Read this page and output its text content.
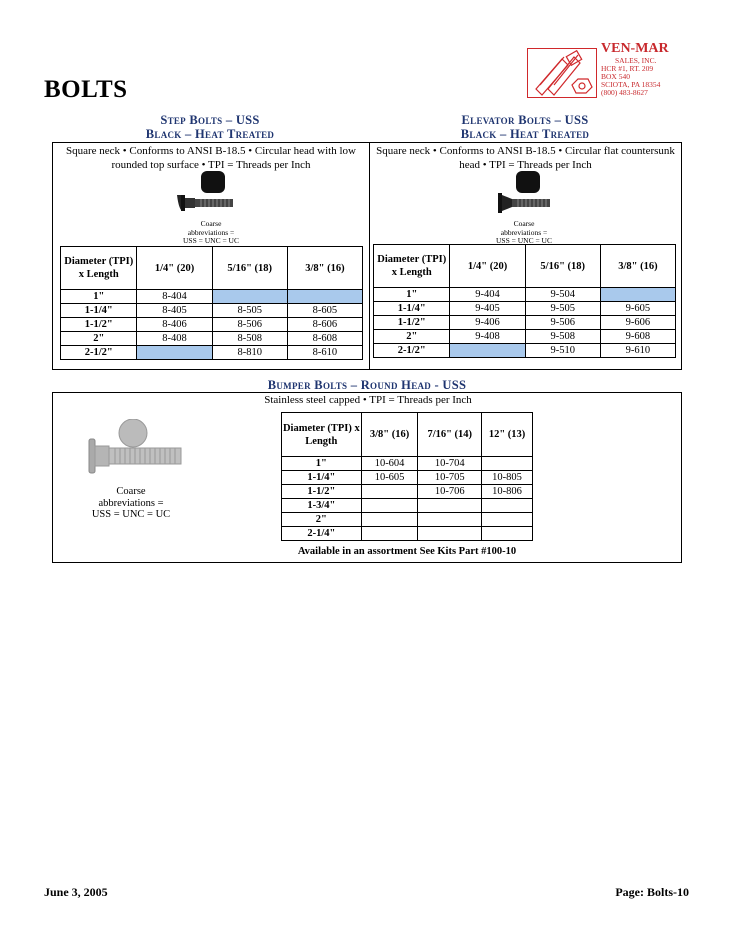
VEN-MAR
SALES, INC.
HCR #1, RT. 209
BOX 540
SCIOTA, PA 18354
(800) 483-8627
BOLTS
Step Bolts – USS
Black – Heat Treated
Square neck • Conforms to ANSI B-18.5 • Circular head with low rounded top surface • TPI = Threads per Inch
Coarse
abbreviations =
USS = UNC = UC
Diameter (TPI) x Length	1/4" (20)	5/16" (18)	3/8" (16)
1"	8-404		
1-1/4"	8-405	8-505	8-605
1-1/2"	8-406	8-506	8-606
2"	8-408	8-508	8-608
2-1/2"		8-810	8-610
Elevator Bolts – USS
Black – Heat Treated
Square neck • Conforms to ANSI B-18.5 • Circular flat countersunk head • TPI = Threads per Inch
Coarse
abbreviations =
USS = UNC = UC
Diameter (TPI) x Length	1/4" (20)	5/16" (18)	3/8" (16)
1"	9-404	9-504	
1-1/4"	9-405	9-505	9-605
1-1/2"	9-406	9-506	9-606
2"	9-408	9-508	9-608
2-1/2"		9-510	9-610
Bumper Bolts – Round Head - USS
Stainless steel capped • TPI = Threads per Inch
Coarse
abbreviations =
USS = UNC = UC
Diameter (TPI) x Length	3/8" (16)	7/16" (14)	12" (13)
1"	10-604	10-704	
1-1/4"	10-605	10-705	10-805
1-1/2"		10-706	10-806
1-3/4"			
2"			
2-1/4"			
Available in an assortment See Kits Part #100-10
June 3, 2005	Page: Bolts-10
